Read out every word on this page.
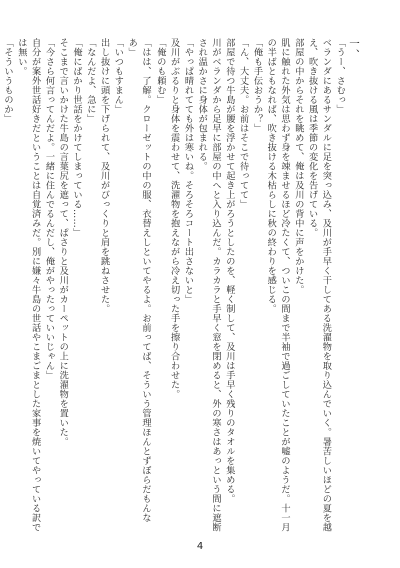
一、

「うー、さむっ」

ベランダにあるサンダルに足を突っ込み、及川が手早く干してある洗濯物を取り込んでいく。暑苦しいほどの夏を越え、吹き抜ける風は季節の変化を告げている。

部屋の中からそれを眺めて、俺は及川の背中に声をかけた。

肌に触れた外気は思わず身を竦ませるほど冷たくて、ついこの間まで半袖で過ごしていたことが嘘のようだ。十一月の半ばともなれば、吹き抜ける木枯らしに秋の終わりを感じる。

「俺も手伝おうか？」

「ん、大丈夫。お前はそこで待ってて」

部屋で待つ牛島が腰を浮かせて起き上がろうとしたのを、軽く制して、及川は手早く残りのタオルを集める。

川がベランダから足早に部屋の中へと入り込んだ。カラカラと手早く窓を閉めると、外の寒さはあっという間に遮断され温かさに身体が包まれる。

「やっぱ晴れてても外は寒いね。そろそろコート出さないと」

及川がぶるりと身体を震わせて、洗濯物を抱えながら冷え切った手を擦り合わせた。

「俺のも頼む」

「はは、了解。クローゼットの中の服、衣替えしといてやるよ。お前ってば、そういう管理ほんとずぼらだもんなあ」

「いつもすまん」

出し抜けに頭を下げられて、及川がびっくりと肩を跳ねさせた。

「なんだよ、急に」

「俺にばかり世話をかけてしまっている……」

そこまで言いかけた牛島の言葉尻を遮って、ぱさりと及川がカーペットの上に洗濯物を置いた。

「今さら何言ってんだよ。一緒に住んでるんだし、俺がやったっていいじゃん」

自分が案外世話好きだということは自覚済みだ。別に嫌々牛島の世話やこまごまとした家事を焼いてやっている訳では無い。

「そういうものか」

4
